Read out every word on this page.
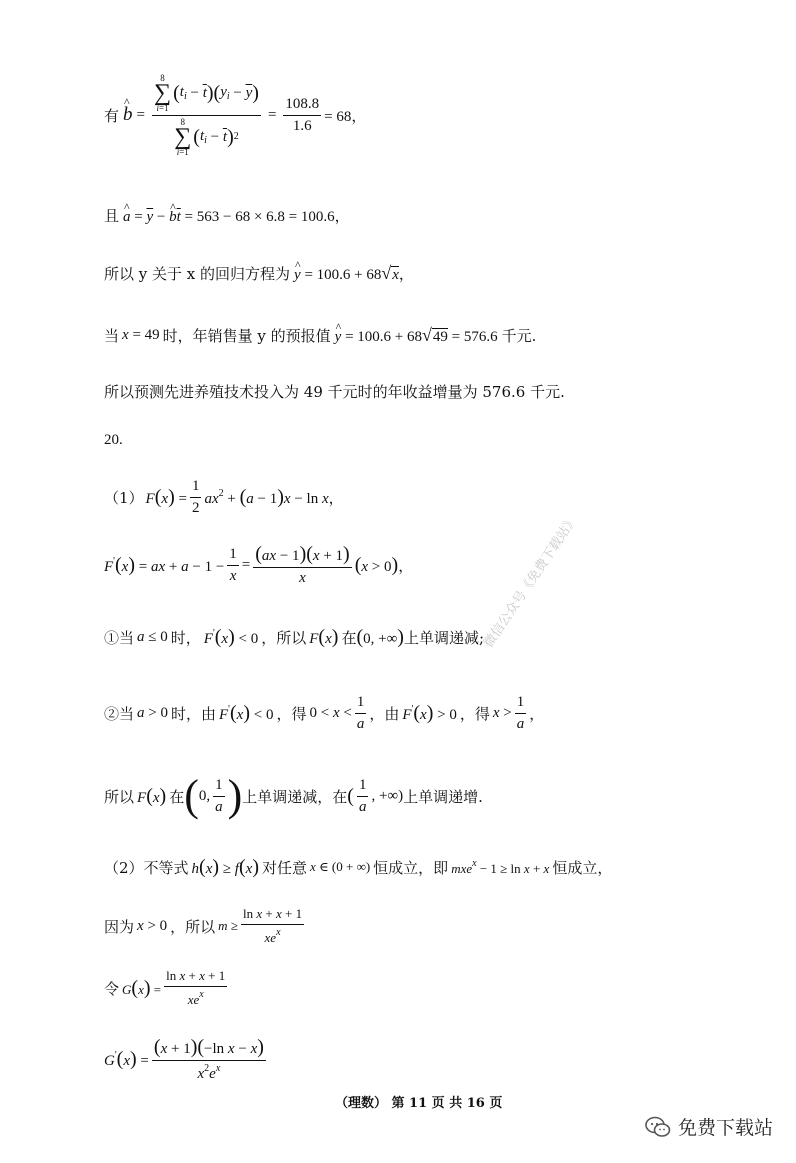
有 ^ b = 8
∑
i=1
( $t_i - \overline{t}$ )( $y_i - \overline{y}$ )
8
∑
i=1
( $t_i - \overline{t}$ ) $2 = \frac{108.8}{1.6} = 68$，
且 ^ $a = \overline{y}$ − ^ $b\overline{t} = 563 - 68 \times 6.8 = 100.6$，
所以 y 关于 x 的回归方程为 ^ y = 100.6 + 68√x，
当 x = 49 时，年销售量 y 的预报值 ^ y = 100.6 + 68√49 = 576.6 千元.
所以预测先进养殖技术投入为 49 千元时的年收益增量为 576.6 千元.
20.
（1） $F(x) = \frac{1}{2} ax^2 + (a - 1)x - \ln x$，
F'(x) = ax + $a - 1 - \frac{1}{x} = \frac{(ax - 1)(x + 1)}{x} (x > 0)$，
①当 a ≤ 0 时， F'(x) < 0 ，所以 F(x) 在 (0, +∞) 上单调递减;
②当 a > 0 时，由 F'(x) < 0 ，得 $0 < x < \frac{1}{a}$ ，由 F'(x) > 0 ，得 $x > \frac{1}{a}$ ，
所以 F(x) 在 ( 0, $\frac{1}{a}$ ) 上单调递减，在 ( $\frac{1}{a}$ , +∞) 上单调递增.
（2）不等式 h(x) ≥ f(x) 对任意 x ∈ (0 + ∞) 恒成立，即 mxe$^x$ − 1 ≥ ln x + x 恒成立，
因为 x > 0 ，所以 $m \ge \frac{\text{ln x + x + 1}}{xe^x}$
令 $G(x) = \frac{\text{ln x + x + 1}}{xe^x}$
$G'(x) = \frac{\text{(x + 1)(−ln x − x)}}{x^2e^x}$
（理数） 第 11 页 共 16 页
微信公众号《免费下载站》
免费下载站
